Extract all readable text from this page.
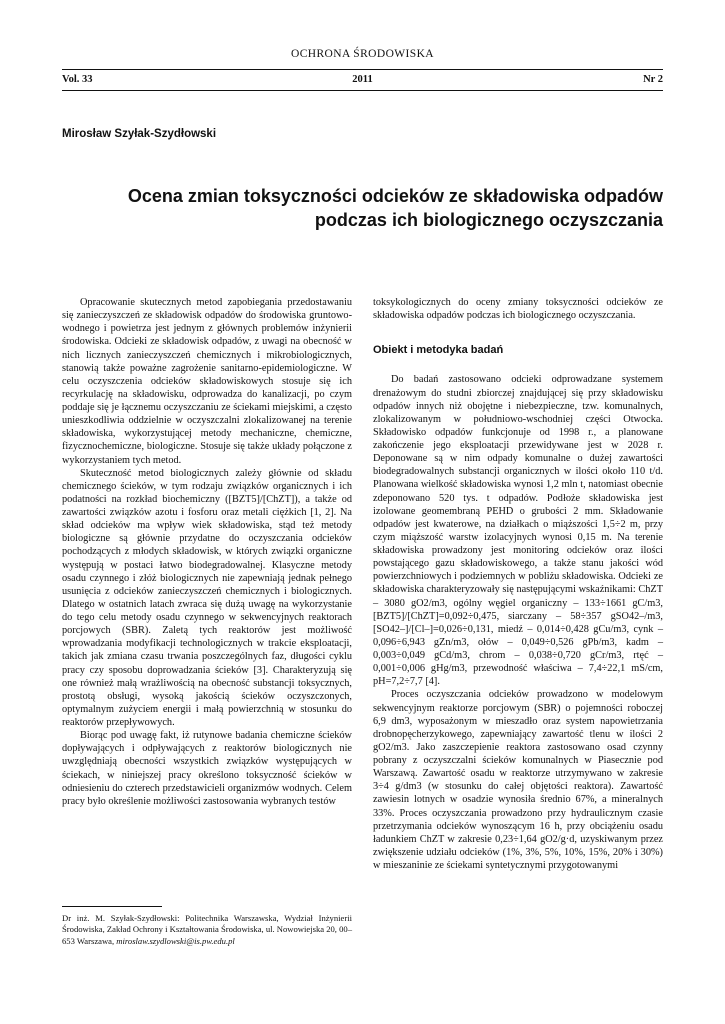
OCHRONA ŚRODOWISKA
2011
Vol. 33	Nr 2
Mirosław Szyłak-Szydłowski
Ocena zmian toksyczności odcieków ze składowiska odpadów
podczas ich biologicznego oczyszczania

Opracowanie skutecznych metod zapobiegania przedostawaniu się zanieczyszczeń ze składowisk odpadów do środowiska gruntowo-wodnego i powietrza jest jednym z głównych problemów inżynierii środowiska. Odcieki ze składowisk odpadów, z uwagi na obecność w nich licznych zanieczyszczeń chemicznych i mikrobiologicznych, stanowią także poważne zagrożenie sanitarno-epidemiologiczne. W celu oczyszczenia odcieków składowiskowych stosuje się ich recyrkulację na składowisku, odprowadza do kanalizacji, po czym poddaje się je łącznemu oczyszczaniu ze ściekami miejskimi, a często unieszkodliwia oddzielnie w oczyszczalni zlokalizowanej na terenie składowiska, wykorzystującej metody mechaniczne, chemiczne, fizycznochemiczne, biologiczne. Stosuje się także układy połączone z wykorzystaniem tych metod.

Skuteczność metod biologicznych zależy głównie od składu chemicznego ścieków, w tym rodzaju związków organicznych i ich podatności na rozkład biochemiczny ([BZT5]/[ChZT]), a także od zawartości związków azotu i fosforu oraz metali ciężkich [1, 2]. Na skład odcieków ma wpływ wiek składowiska, stąd też metody biologiczne są głównie przydatne do oczyszczania odcieków pochodzących z młodych składowisk, w których związki organiczne występują w postaci łatwo biodegradowalnej. Klasyczne metody osadu czynnego i złóż biologicznych nie zapewniają jednak pełnego usunięcia z odcieków zanieczyszczeń chemicznych i biologicznych. Dlatego w ostatnich latach zwraca się dużą uwagę na wykorzystanie do tego celu metody osadu czynnego w sekwencyjnych reaktorach porcjowych (SBR). Zaletą tych reaktorów jest możliwość wprowadzania modyfikacji technologicznych w trakcie eksploatacji, takich jak zmiana czasu trwania poszczególnych faz, długości cyklu pracy czy sposobu doprowadzania ścieków [3]. Charakteryzują się one również małą wrażliwością na obecność substancji toksycznych, prostotą obsługi, wysoką jakością ścieków oczyszczonych, optymalnym zużyciem energii i małą powierzchnią w stosunku do reaktorów przepływowych.

Biorąc pod uwagę fakt, iż rutynowe badania chemiczne ścieków dopływających i odpływających z reaktorów biologicznych nie uwzględniają obecności wszystkich związków występujących w ściekach, w niniejszej pracy określono toksyczność ścieków w odniesieniu do czterech przedstawicieli organizmów wodnych. Celem pracy było określenie możliwości zastosowania wybranych testów

toksykologicznych do oceny zmiany toksyczności odcieków ze składowiska odpadów podczas ich biologicznego oczyszczania.

Obiekt i metodyka badań

Do badań zastosowano odcieki odprowadzane systemem drenażowym do studni zbiorczej znajdującej się przy składowisku odpadów innych niż obojętne i niebezpieczne, tzw. komunalnych, zlokalizowanym w południowo-wschodniej części Otwocka. Składowisko odpadów funkcjonuje od 1998 r., a planowane zakończenie jego eksploatacji przewidywane jest w 2028 r. Deponowane są w nim odpady komunalne o dużej zawartości biodegradowalnych substancji organicznych w ilości około 110 t/d. Planowana wielkość składowiska wynosi 1,2 mln t, natomiast obecnie zdeponowano 520 tys. t odpadów. Podłoże składowiska jest izolowane geomembraną PEHD o grubości 2 mm. Składowanie odpadów jest kwaterowe, na działkach o miąższości 1,5÷2 m, przy czym miąższość warstw izolacyjnych wynosi 0,15 m. Na terenie składowiska prowadzony jest monitoring odcieków oraz ilości powstającego gazu składowiskowego, a także stanu jakości wód powierzchniowych i podziemnych w pobliżu składowiska. Odcieki ze składowiska charakteryzowały się następującymi wskaźnikami: ChZT – 3080 gO2/m3, ogólny węgiel organiczny – 133÷1661 gC/m3, [BZT5]/[ChZT]=0,092÷0,475, siarczany – 58÷357 gSO42–/m3, [SO42–]/[Cl–]=0,026÷0,131, miedź – 0,014÷0,428 gCu/m3, cynk – 0,096÷6,943 gZn/m3, ołów – 0,049÷0,526 gPb/m3, kadm – 0,003÷0,049 gCd/m3, chrom – 0,038÷0,720 gCr/m3, rtęć – 0,001÷0,006 gHg/m3, przewodność właściwa – 7,4÷22,1 mS/cm, pH=7,2÷7,7 [4].

Proces oczyszczania odcieków prowadzono w modelowym sekwencyjnym reaktorze porcjowym (SBR) o pojemności roboczej 6,9 dm3, wyposażonym w mieszadło oraz system napowietrzania drobnopęcherzykowego, zapewniający zawartość tlenu w ilości 2 gO2/m3. Jako zaszczepienie reaktora zastosowano osad czynny pobrany z oczyszczalni ścieków komunalnych w Piasecznie pod Warszawą. Zawartość osadu w reaktorze utrzymywano w zakresie 3÷4 g/dm3 (w stosunku do całej objętości reaktora). Zawartość zawiesin lotnych w osadzie wynosiła średnio 67%, a mineralnych 33%. Proces oczyszczania prowadzono przy hydraulicznym czasie przetrzymania odcieków wynoszącym 16 h, przy obciążeniu osadu ładunkiem ChZT w zakresie 0,23÷1,64 gO2/g·d, uzyskiwanym przez zwiększenie udziału odcieków (1%, 3%, 5%, 10%, 15%, 20% i 30%) w mieszaninie ze ściekami syntetycznymi przygotowanymi

Dr inż. M. Szyłak-Szydłowski: Politechnika Warszawska, Wydział Inżynierii Środowiska, Zakład Ochrony i Kształtowania Środowiska, ul. Nowowiejska 20, 00–653 Warszawa, miroslaw.szydlowski@is.pw.edu.pl
